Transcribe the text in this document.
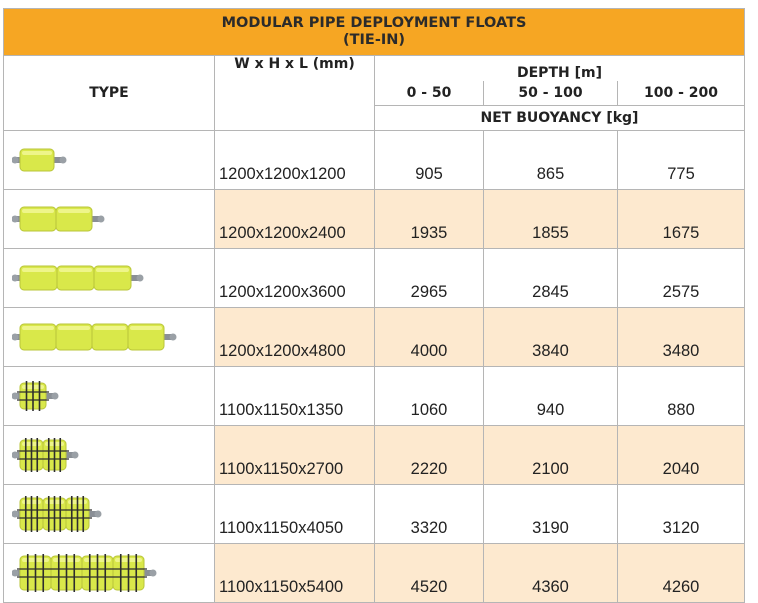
MODULAR PIPE DEPLOYMENT FLOATS
(TIE-IN)				

TYPE	W x H x L (mm)	DEPTH [m]		
		0 - 50	50 - 100	100 - 200
		NET BUOYANCY [kg]		

	1200x1200x1200	905	865	775

	1200x1200x2400	1935	1855	1675

	1200x1200x3600	2965	2845	2575

	1200x1200x4800	4000	3840	3480

	1100x1150x1350	1060	940	880

	1100x1150x2700	2220	2100	2040

	1100x1150x4050	3320	3190	3120

	1100x1150x5400	4520	4360	4260
